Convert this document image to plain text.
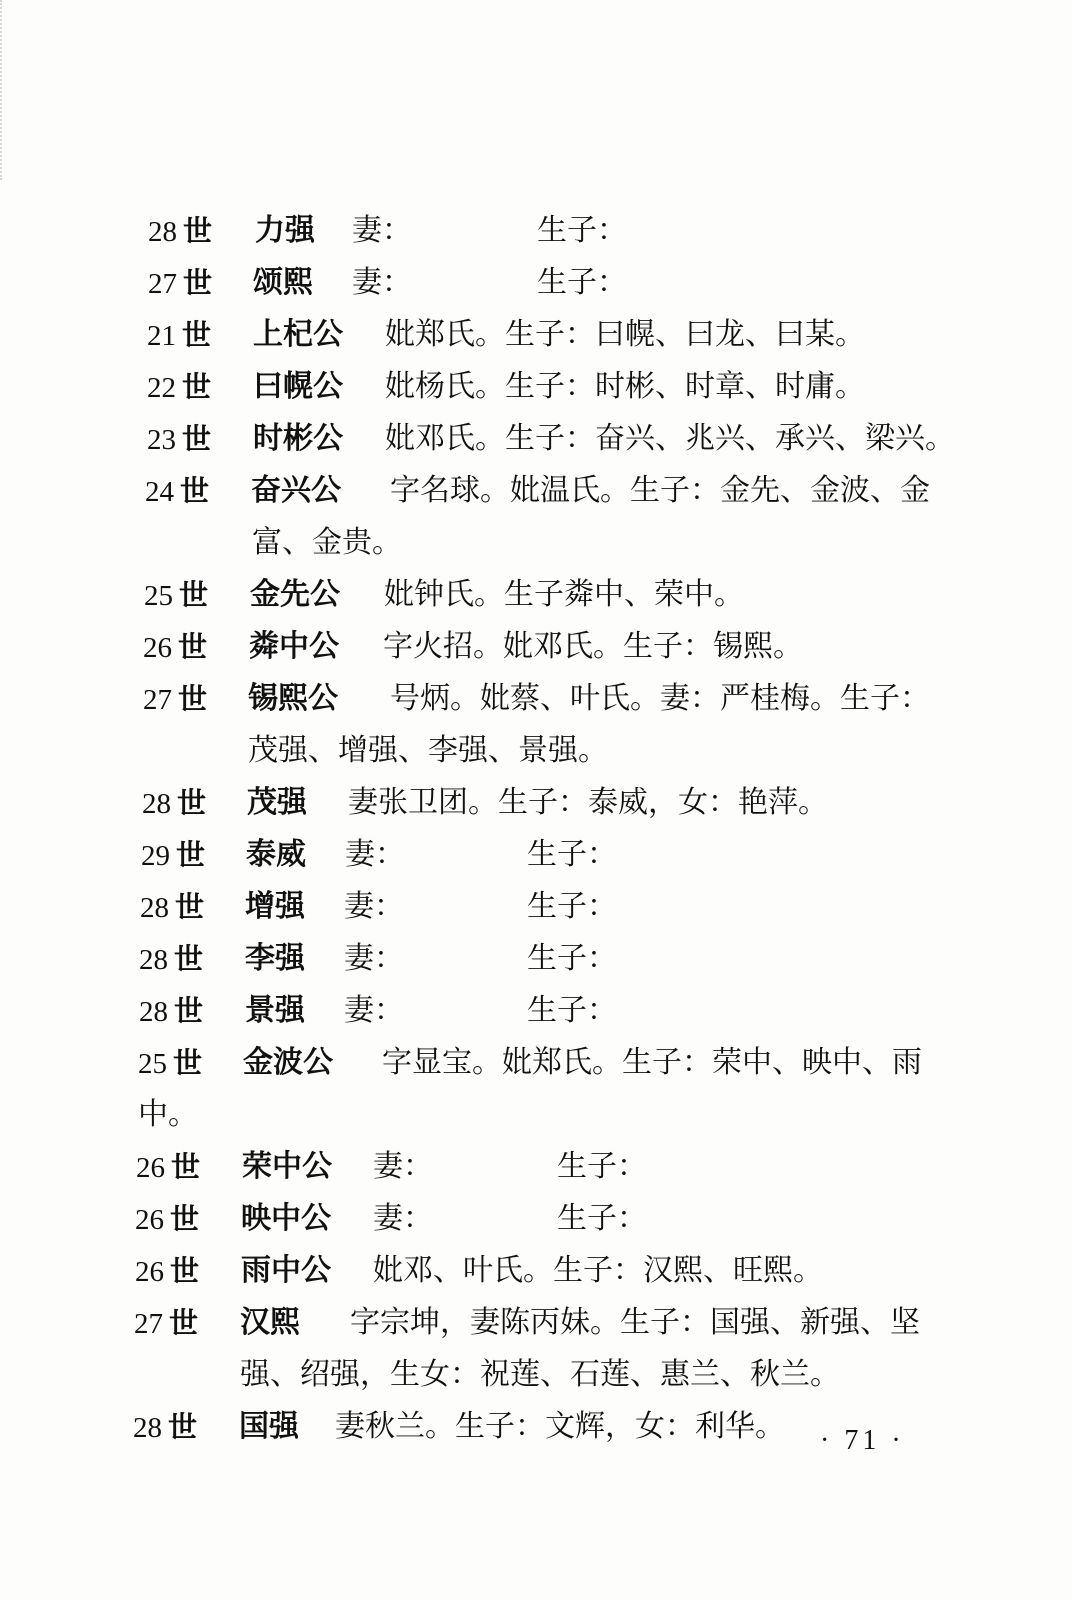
28 世 力强 妻：	生子：
27 世 颂熙 妻：	生子：
21 世 上杞公 妣郑氏。生子：曰幌、曰龙、曰某。
22 世 曰幌公 妣杨氏。生子：时彬、时章、时庸。
23 世 时彬公 妣邓氏。生子：奋兴、兆兴、承兴、梁兴。
24 世 奋兴公 字名球。妣温氏。生子：金先、金波、金
富、金贵。
25 世 金先公 妣钟氏。生子粦中、荣中。
26 世 粦中公 字火招。妣邓氏。生子：锡熙。
27 世 锡熙公 号炳。妣蔡、叶氏。妻：严桂梅。生子：
茂强、增强、李强、景强。
28 世 茂强 妻张卫团。生子：泰威，女：艳萍。
29 世 泰威 妻：	生子：
28 世 增强 妻：	生子：
28 世 李强 妻：	生子：
28 世 景强 妻：	生子：
25 世 金波公 字显宝。妣郑氏。生子：荣中、映中、雨
中。
26 世 荣中公 妻：	生子：
26 世 映中公 妻：	生子：
26 世 雨中公 妣邓、叶氏。生子：汉熙、旺熙。
27 世 汉熙 字宗坤，妻陈丙妹。生子：国强、新强、坚
强、绍强，生女：祝莲、石莲、惠兰、秋兰。
28 世 国强 妻秋兰。生子：文辉，女：利华。 · 71 ·
